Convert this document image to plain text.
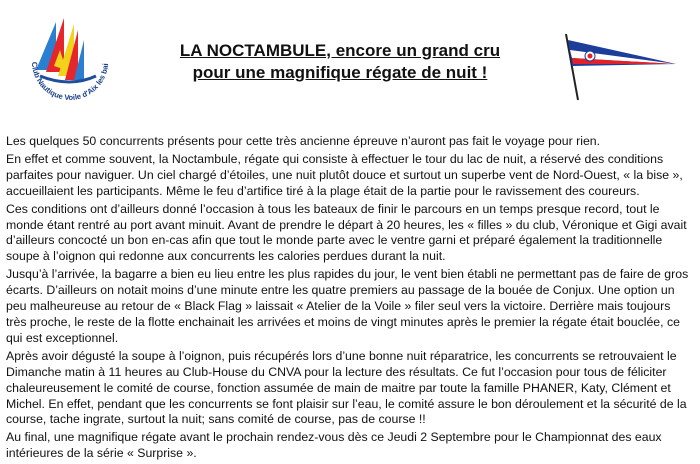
Club Nautique Voile d'Aix les bai
LA NOCTAMBULE, encore un grand cru
pour une magnifique régate de nuit !

Les quelques 50 concurrents présents pour cette très ancienne épreuve n’auront pas fait le voyage pour rien.

En effet et comme souvent, la Noctambule, régate qui consiste à effectuer le tour du lac de nuit, a réservé des conditions parfaites pour naviguer. Un ciel chargé d’étoiles, une nuit plutôt douce et surtout un superbe vent de Nord-Ouest, « la bise », accueillaient les participants. Même le feu d’artifice tiré à la plage était de la partie pour le ravissement des coureurs.

Ces conditions ont d’ailleurs donné l’occasion à tous les bateaux de finir le parcours en un temps presque record, tout le monde étant rentré au port avant minuit. Avant de prendre le départ à 20 heures, les « filles » du club, Véronique et Gigi avait d’ailleurs concocté un bon en-cas afin que tout le monde parte avec le ventre garni et préparé également la traditionnelle soupe à l’oignon qui redonne aux concurrents les calories perdues durant la nuit.

Jusqu’à l’arrivée, la bagarre a bien eu lieu entre les plus rapides du jour, le vent bien établi ne permettant pas de faire de gros écarts. D’ailleurs on notait moins d’une minute entre les quatre premiers au passage de la bouée de Conjux. Une option un peu malheureuse au retour de « Black Flag » laissait « Atelier de la Voile » filer seul vers la victoire. Derrière mais toujours très proche, le reste de la flotte enchainait les arrivées et moins de vingt minutes après le premier la régate était bouclée, ce qui est exceptionnel.

Après avoir dégusté la soupe à l’oignon, puis récupérés lors d’une bonne nuit réparatrice, les concurrents se retrouvaient le Dimanche matin à 11 heures au Club-House du CNVA pour la lecture des résultats. Ce fut l’occasion pour tous de féliciter chaleureusement le comité de course, fonction assumée de main de maitre par toute la famille PHANER, Katy, Clément et Michel. En effet, pendant que les concurrents se font plaisir sur l’eau, le comité assure le bon déroulement et la sécurité de la course, tache ingrate, surtout la nuit; sans comité de course, pas de course !!

Au final, une magnifique régate avant le prochain rendez-vous dès ce Jeudi 2 Septembre pour le Championnat des eaux intérieures de la série « Surprise ».
